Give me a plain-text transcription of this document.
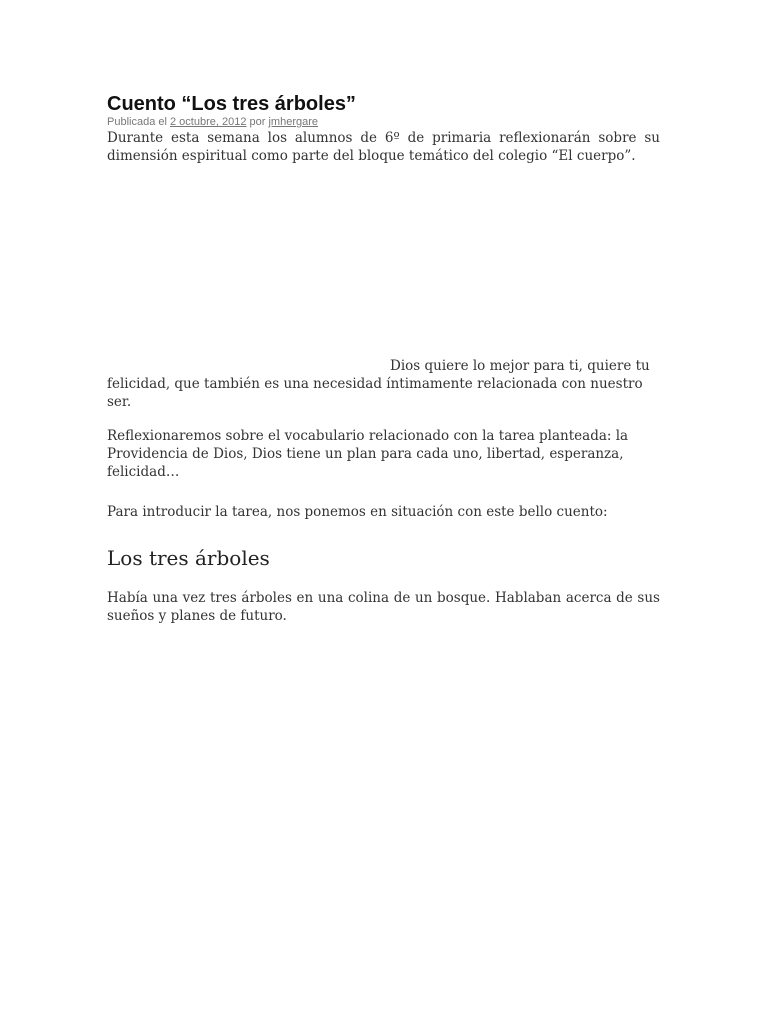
Cuento “Los tres árboles”

Publicada el 2 octubre, 2012 por jmhergare

Durante esta semana los alumnos de 6º de primaria reflexionarán sobre su dimensión espiritual como parte del bloque temático del colegio “El cuerpo”.

Dios quiere lo mejor para ti, quiere tu felicidad, que también es una necesidad íntimamente relacionada con nuestro ser.

Reflexionaremos sobre el vocabulario relacionado con la tarea planteada: la Providencia de Dios, Dios tiene un plan para cada uno, libertad, esperanza, felicidad…

Para introducir la tarea, nos ponemos en situación con este bello cuento:

Los tres árboles

Había una vez tres árboles en una colina de un bosque. Hablaban acerca de sus sueños y planes de futuro.
